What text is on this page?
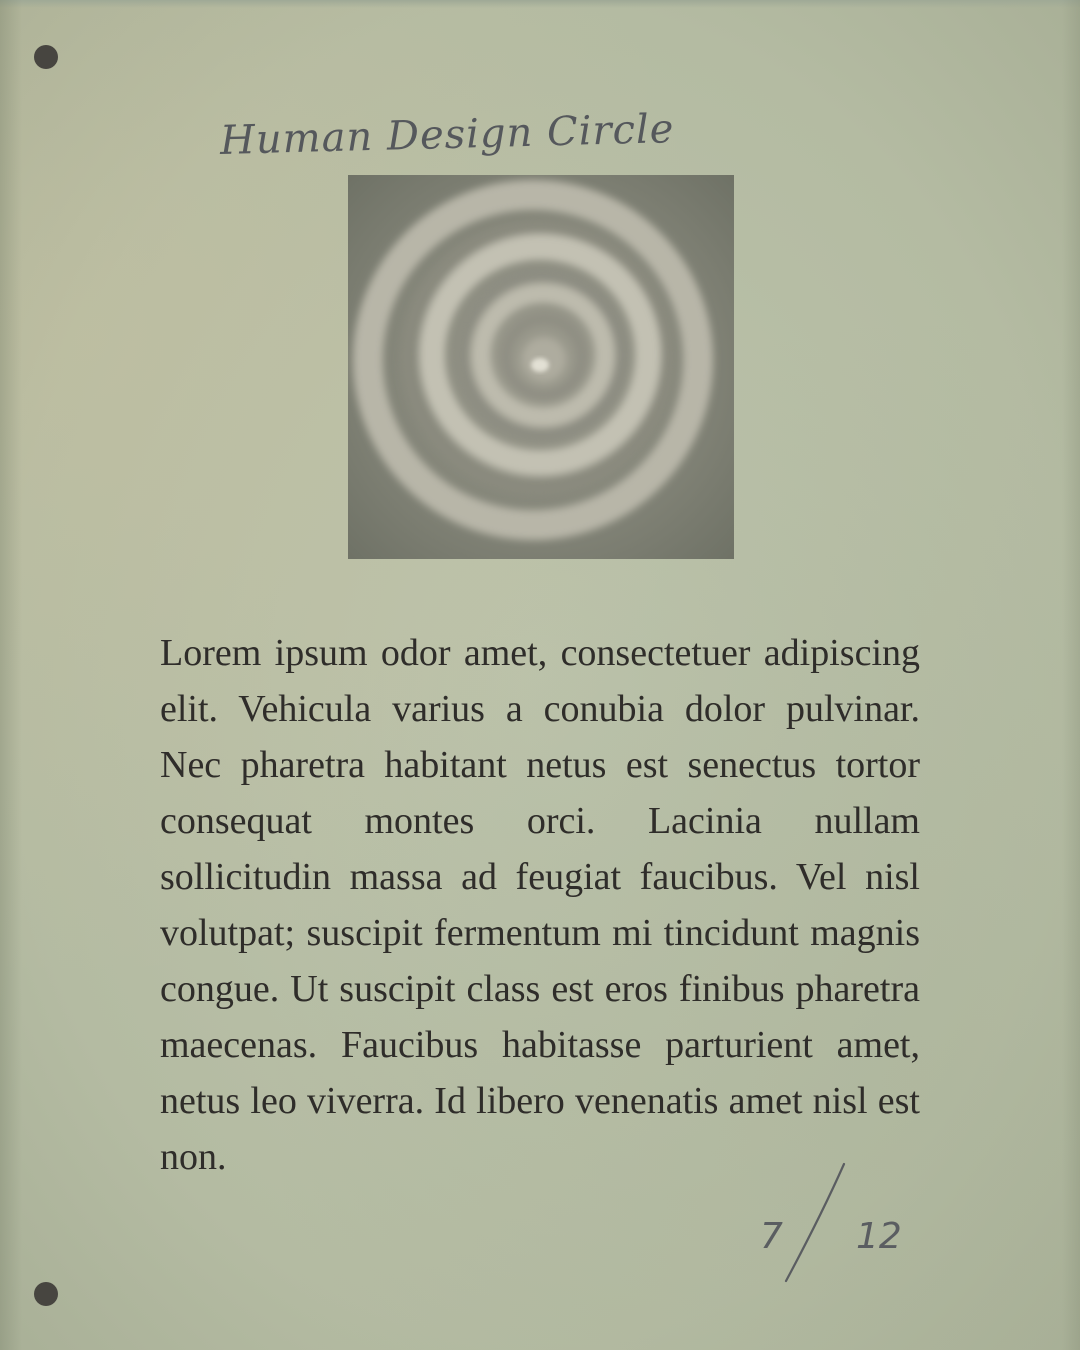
Human Design Circle

Lorem ipsum odor amet, consectetuer adipiscing elit. Vehicula varius a conubia dolor pulvinar. Nec pharetra habitant netus est senectus tortor consequat montes orci. Lacinia nullam sollicitudin massa ad feugiat faucibus. Vel nisl volutpat; suscipit fermentum mi tincidunt magnis congue. Ut suscipit class est eros finibus pharetra maecenas. Faucibus habitasse parturient amet, netus leo viverra. Id libero venenatis amet nisl est non.

7 12
